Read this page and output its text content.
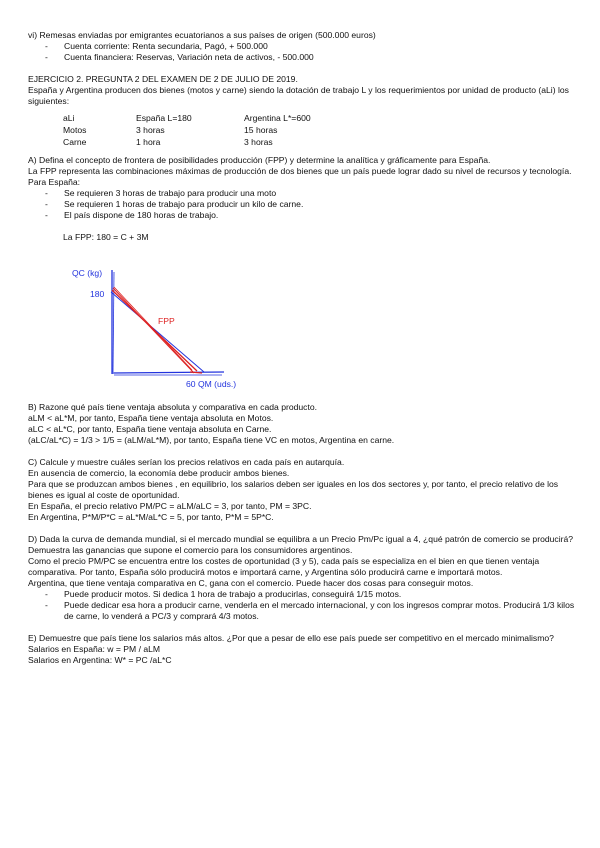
vi) Remesas enviadas por emigrantes ecuatorianos a sus países de origen (500.000 euros)

- Cuenta corriente: Renta secundaria, Pagó, + 500.000

- Cuenta financiera: Reservas, Variación neta de activos, - 500.000

EJERCICIO 2. PREGUNTA 2 DEL EXAMEN DE 2 DE JULIO DE 2019.

España y Argentina producen dos bienes (motos y carne) siendo la dotación de trabajo L y los requerimientos por unidad de producto (aLi) los siguientes:

aLi	España L=180	Argentina L*=600
Motos	3 horas	15 horas
Carne	1 hora	3 horas

A) Defina el concepto de frontera de posibilidades producción (FPP) y determine la analítica y gráficamente para España.

La FPP representa las combinaciones máximas de producción de dos bienes que un país puede lograr dado su nivel de recursos y tecnología.

Para España:

- Se requieren 3 horas de trabajo para producir una moto

- Se requieren 1 horas de trabajo para producir un kilo de carne.

- El país dispone de 180 horas de trabajo.

La FPP: 180 = C + 3M

QC (kg)
180
FPP
60 QM (uds.)

B) Razone qué país tiene ventaja absoluta y comparativa en cada producto.

aLM < aL*M, por tanto, España tiene ventaja absoluta en Motos.

aLC < aL*C, por tanto, España tiene ventaja absoluta en Carne.

(aLC/aL*C) = 1/3 > 1/5 = (aLM/aL*M), por tanto, España tiene VC en motos, Argentina en carne.

C) Calcule y muestre cuáles serían los precios relativos en cada país en autarquía.

En ausencia de comercio, la economía debe producir ambos bienes.

Para que se produzcan ambos bienes , en equilibrio, los salarios deben ser iguales en los dos sectores y, por tanto, el precio relativo de los bienes es igual al coste de oportunidad.

En España, el precio relativo PM/PC = aLM/aLC = 3, por tanto, PM = 3PC.

En Argentina, P*M/P*C = aL*M/aL*C = 5, por tanto, P*M = 5P*C.

D) Dada la curva de demanda mundial, si el mercado mundial se equilibra a un Precio Pm/Pc igual a 4, ¿qué patrón de comercio se producirá? Demuestra las ganancias que supone el comercio para los consumidores argentinos.

Como el precio PM/PC se encuentra entre los costes de oportunidad (3 y 5), cada país se especializa en el bien en que tienen ventaja comparativa. Por tanto, España sólo producirá motos e importará carne, y Argentina sólo producirá carne e importará motos.

Argentina, que tiene ventaja comparativa en C, gana con el comercio. Puede hacer dos cosas para conseguir motos.

- Puede producir motos. Si dedica 1 hora de trabajo a producirlas, conseguirá 1/15 motos.

- Puede dedicar esa hora a producir carne, venderla en el mercado internacional, y con los ingresos comprar motos. Producirá 1/3 kilos de carne, lo venderá a PC/3 y comprará 4/3 motos.

E) Demuestre que país tiene los salarios más altos. ¿Por que a pesar de ello ese país puede ser competitivo en el mercado minimalismo?

Salarios en España: w = PM / aLM

Salarios en Argentina: W* = PC /aL*C
